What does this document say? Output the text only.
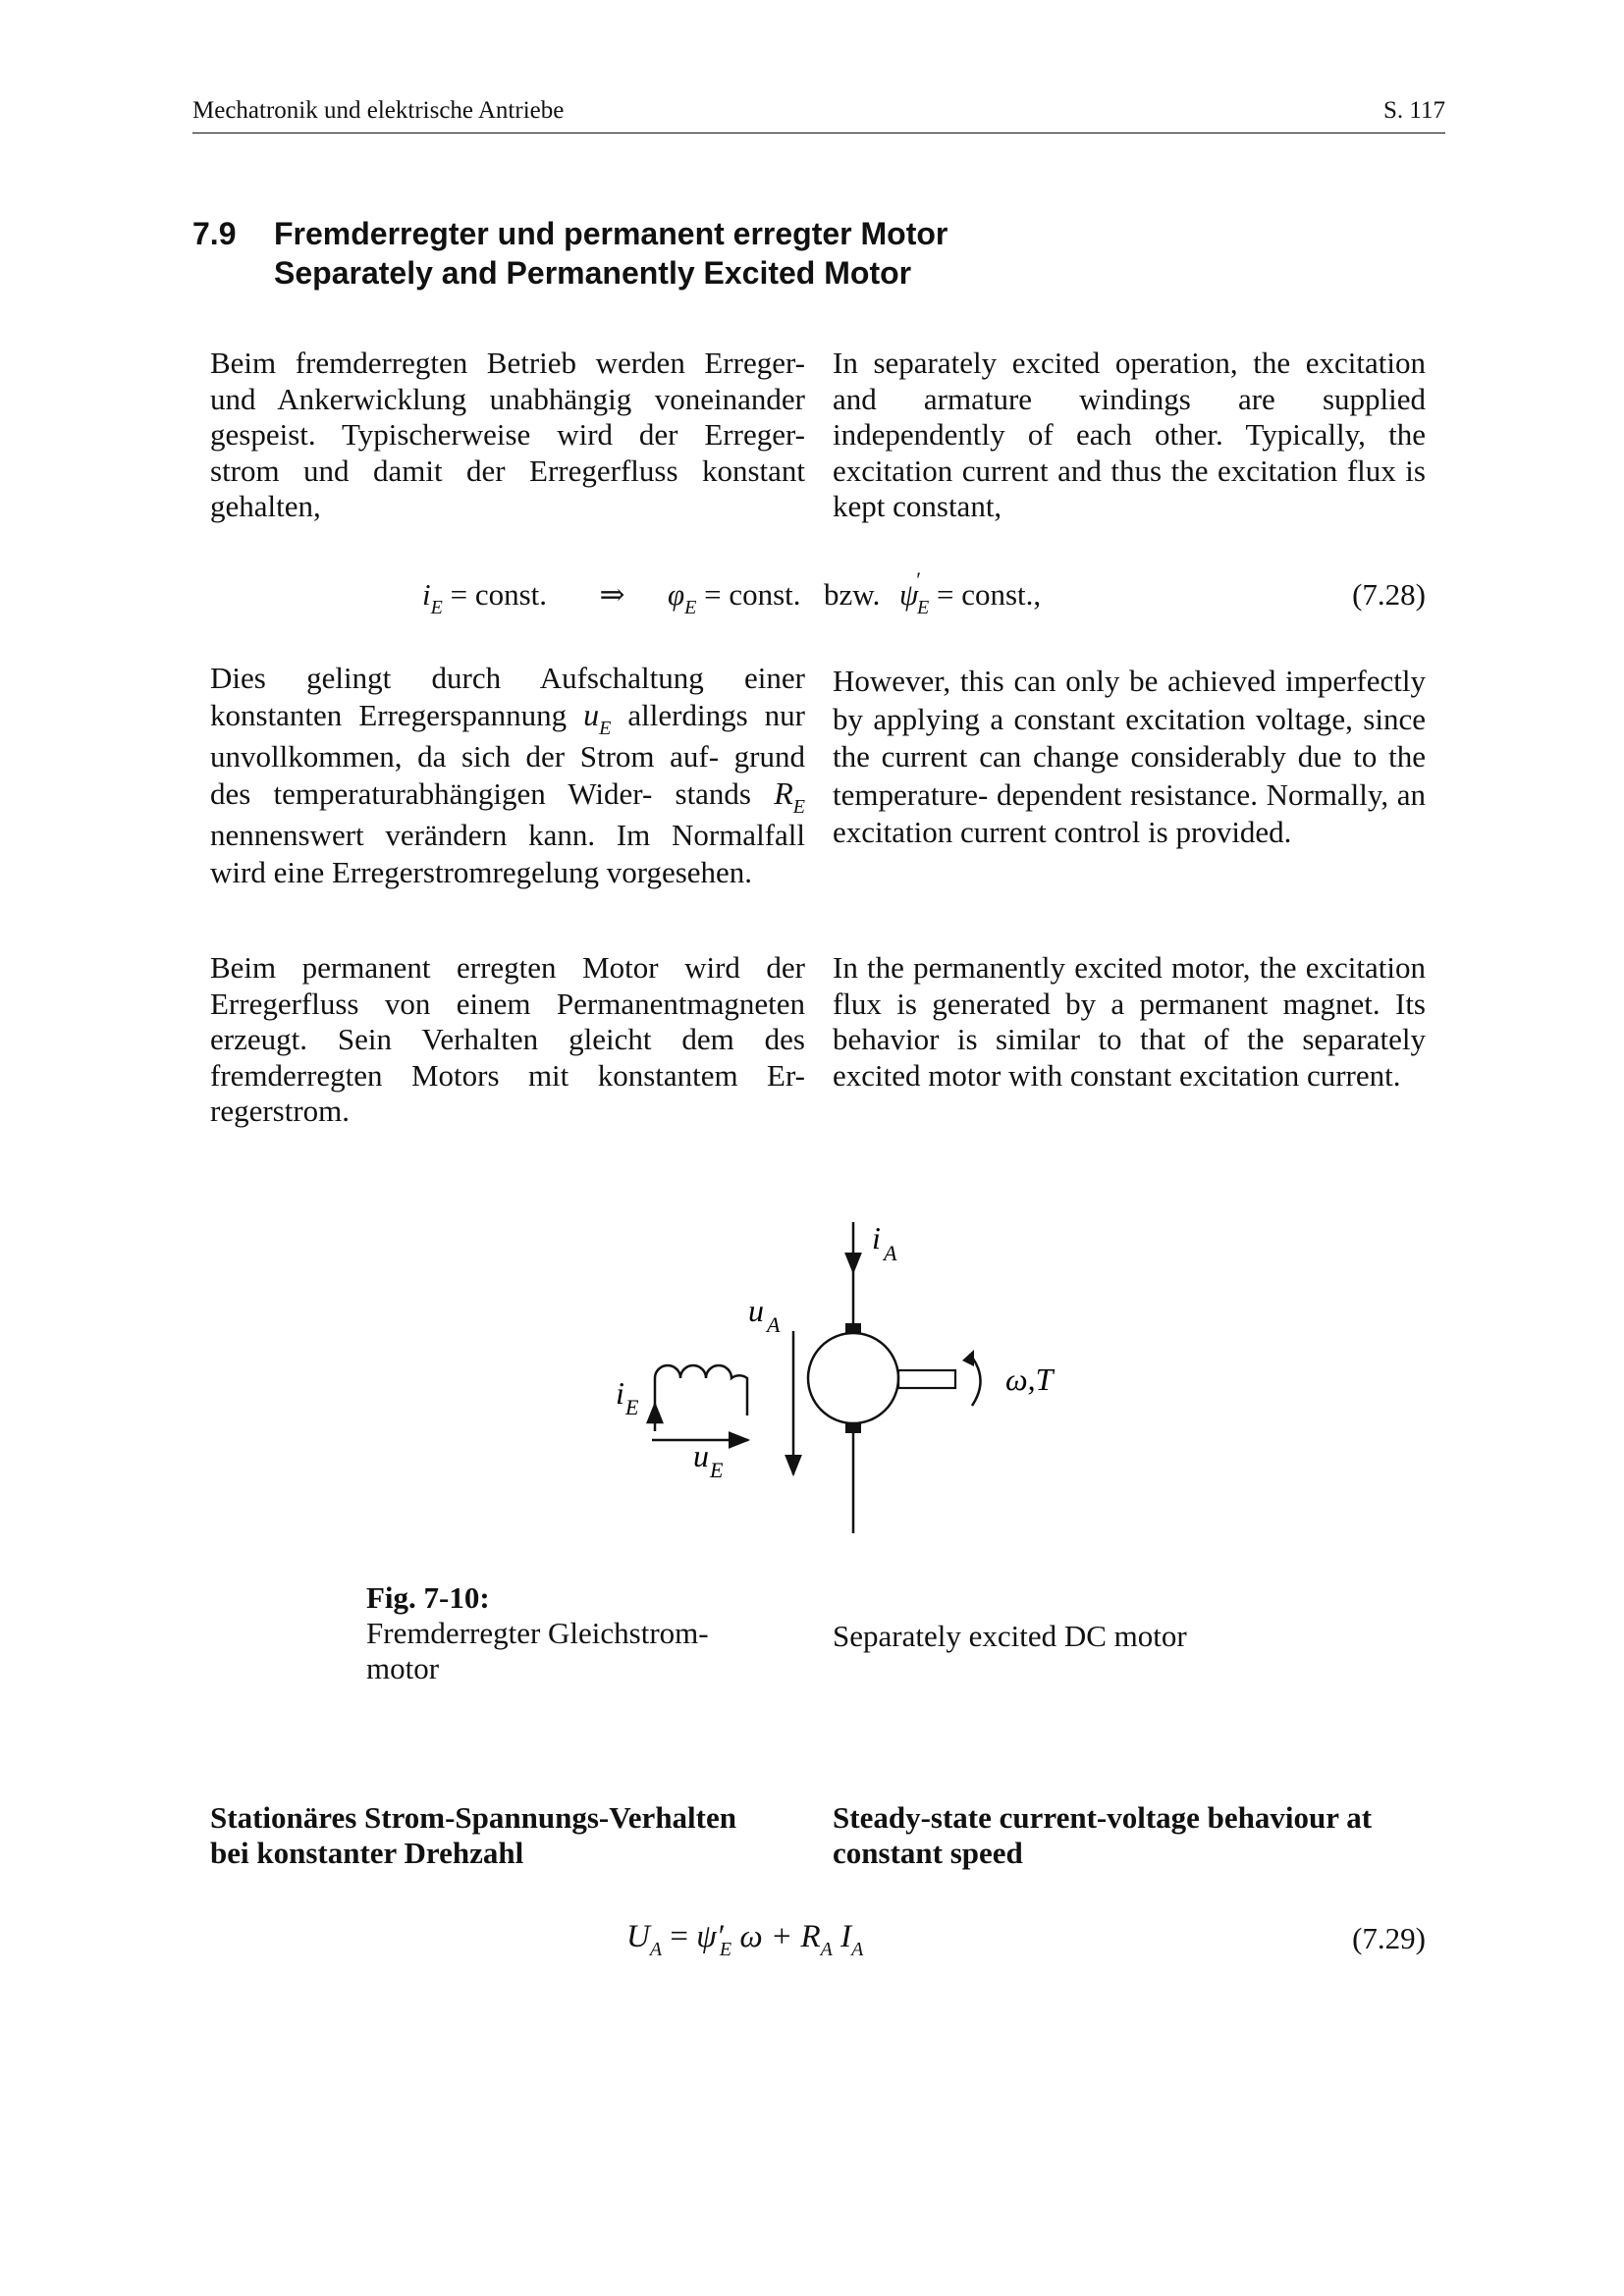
Mechatronik und elektrische Antriebe	S. 117
7.9 Fremderregter und permanent erregter Motor
Separately and Permanently Excited Motor

Beim fremderregten Betrieb werden Erreger- und Ankerwicklung unabhängig voneinander gespeist. Typischerweise wird der Erreger- strom und damit der Erregerfluss konstant gehalten,

In separately excited operation, the excitation and armature windings are supplied independently of each other. Typically, the excitation current and thus the excitation flux is kept constant,

$i_E$ = const. ⇒ $\varphi_E$ = const. bzw. $\psi'_E$ = const.,	(7.28)

Dies gelingt durch Aufschaltung einer konstanten Erregerspannung $u_E$ allerdings nur unvollkommen, da sich der Strom auf- grund des temperaturabhängigen Wider- stands $R_E$ nennenswert verändern kann. Im Normalfall wird eine Erregerstromregelung vorgesehen.

However, this can only be achieved imperfectly by applying a constant excitation voltage, since the current can change considerably due to the temperature- dependent resistance. Normally, an excitation current control is provided.

Beim permanent erregten Motor wird der Erregerfluss von einem Permanentmagneten erzeugt. Sein Verhalten gleicht dem des fremderregten Motors mit konstantem Er- regerstrom.

In the permanently excited motor, the excitation flux is generated by a permanent magnet. Its behavior is similar to that of the separately excited motor with constant excitation current.

i A
u A
i E
u E
ω,T
Fig. 7-10:
Fremderregter Gleichstrom-
motor
Separately excited DC motor
Stationäres Strom-Spannungs-Verhalten
bei konstanter Drehzahl
Steady-state current-voltage behaviour at
constant speed
$U_A = \psi'_E$ $\omega + R_A$ $I_A$	(7.29)
